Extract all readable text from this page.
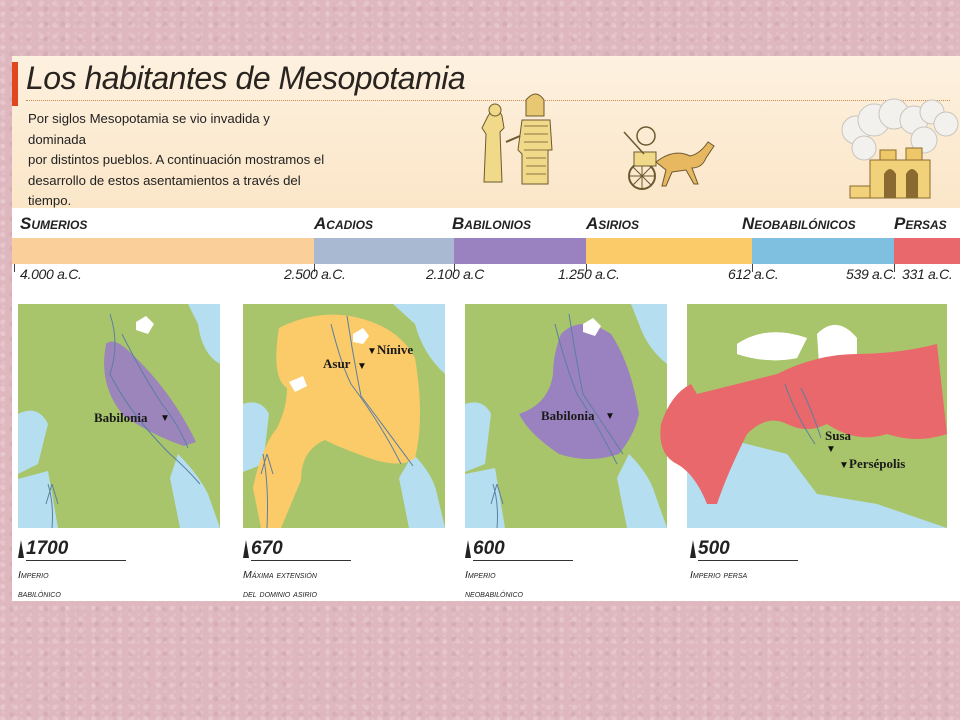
Los habitantes de Mesopotamia
Por siglos Mesopotamia se vio invadida y dominada
por distintos pueblos. A continuación mostramos el
desarrollo de estos asentamientos a través del
tiempo.
Sumerios	Acadios	Babilonios	Asirios	Neobabilónicos Persas
4.000 a.C.	2.500 a.C.	2.100 a.C	1.250 a.C.	612 a.C.	539 a.C. 331 a.C.
Babilonia ▼
1700
Imperio
babilónico
Asur ▼
▼ Nínive
670
Máxima extensión
del dominio asirio
Babilonia ▼
600
Imperio
neobabilónico
Susa
▼
▼ Persépolis
500
Imperio persa
